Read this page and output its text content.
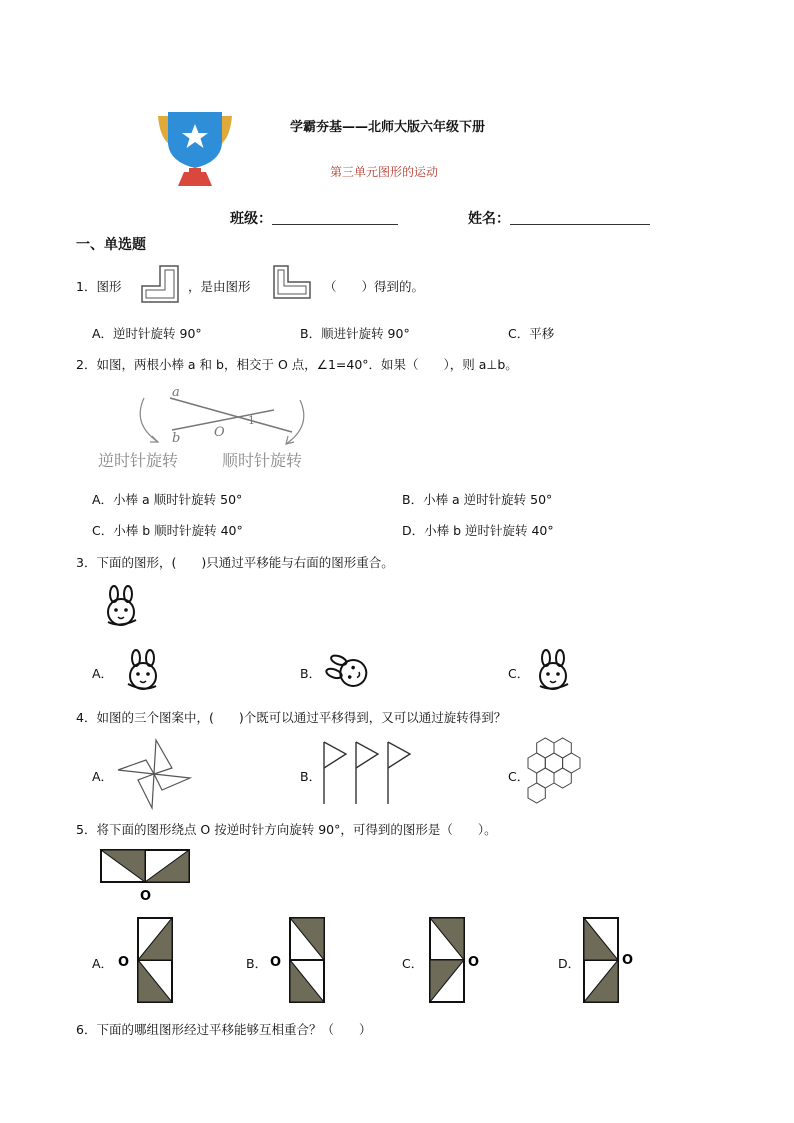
学霸夯基——北师大版六年级下册
第三单元图形的运动
班级：	姓名：
一、单选题
1．图形	，是由图形	（　　）得到的。
A．逆时针旋转 90°	B．顺进针旋转 90°	C．平移
2．如图，两根小棒 a 和 b，相交于 O 点，∠1=40°．如果（　　），则 a⊥b。
a
b	O
1
逆时针旋转	顺时针旋转
A．小棒 a 顺时针旋转 50°	B．小棒 a 逆时针旋转 50°
C．小棒 b 顺时针旋转 40°	D．小棒 b 逆时针旋转 40°
3．下面的图形，(　　)只通过平移能与右面的图形重合。
A．	B．	C．
4．如图的三个图案中，(　　)个既可以通过平移得到，又可以通过旋转得到？
A．	B．	C．
5．将下面的图形绕点 O 按逆时针方向旋转 90°，可得到的图形是（　　）。
O
A．	B．	C．	D．
O	O	O	O
6．下面的哪组图形经过平移能够互相重合？（　　）
